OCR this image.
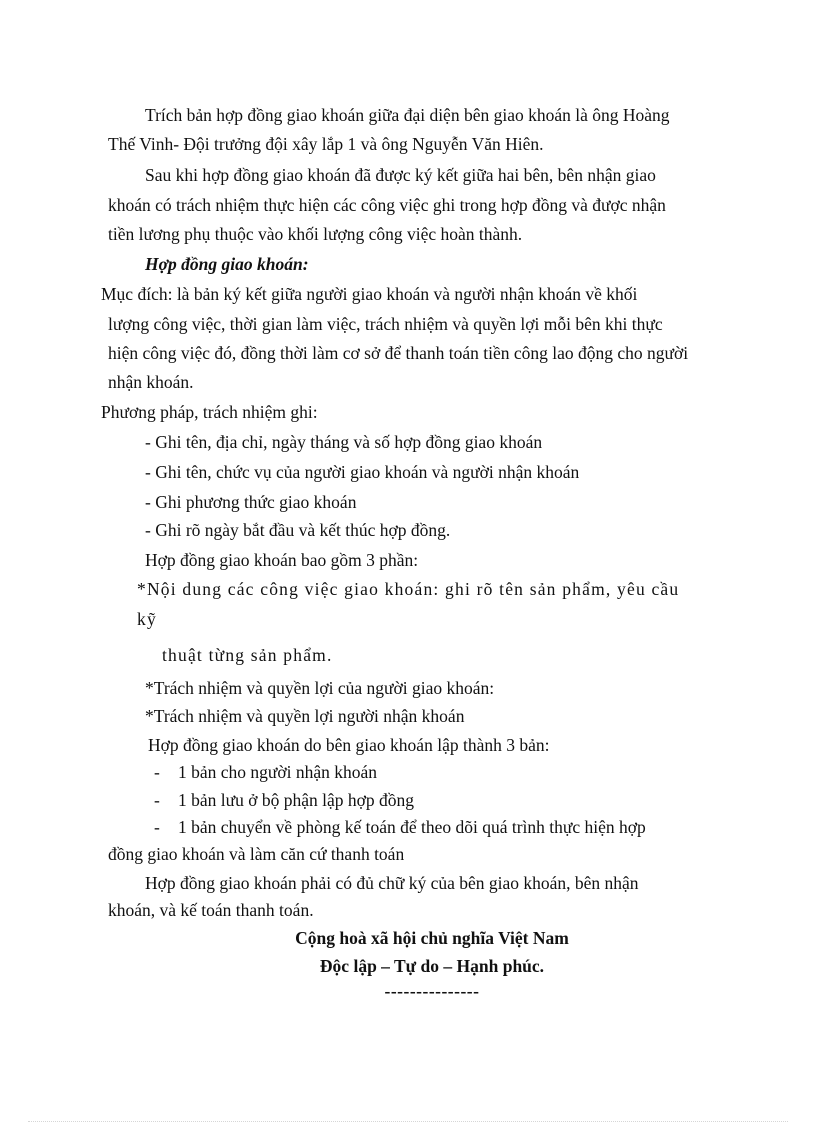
Trích bản hợp đồng giao khoán giữa đại diện bên giao khoán là ông Hoàng
Thế Vinh- Đội trưởng đội xây lắp 1 và ông Nguyễn Văn Hiên.
Sau khi hợp đồng giao khoán đã được ký kết giữa hai bên, bên nhận giao
khoán có trách nhiệm thực hiện các công việc ghi trong hợp đồng và được nhận
tiền lương phụ thuộc vào khối lượng công việc hoàn thành.
Hợp đồng giao khoán:
Mục đích: là bản ký kết giữa người giao khoán và người nhận khoán về khối
lượng công việc, thời gian làm việc, trách nhiệm và quyền lợi mỗi bên khi thực
hiện công việc đó, đồng thời làm cơ sở để thanh toán tiền công lao động cho người
nhận khoán.
Phương pháp, trách nhiệm ghi:
- Ghi tên, địa chỉ, ngày tháng và số hợp đồng giao khoán
- Ghi tên, chức vụ của người giao khoán và người nhận khoán
- Ghi phương thức giao khoán
- Ghi rõ ngày bắt đầu và kết thúc hợp đồng.
Hợp đồng giao khoán bao gồm 3 phần:
*Nội dung các công việc giao khoán: ghi rõ tên sản phẩm, yêu cầu
kỹ
thuật từng sản phẩm.
*Trách nhiệm và quyền lợi của người giao khoán:
*Trách nhiệm và quyền lợi người nhận khoán
Hợp đồng giao khoán do bên giao khoán lập thành 3 bản:
- 1 bản cho người nhận khoán
- 1 bản lưu ở bộ phận lập hợp đồng
- 1 bản chuyển về phòng kế toán để theo dõi quá trình thực hiện hợp
đồng giao khoán và làm căn cứ thanh toán
Hợp đồng giao khoán phải có đủ chữ ký của bên giao khoán, bên nhận
khoán, và kế toán thanh toán.
Cộng hoà xã hội chủ nghĩa Việt Nam
Độc lập – Tự do – Hạnh phúc.
---------------
